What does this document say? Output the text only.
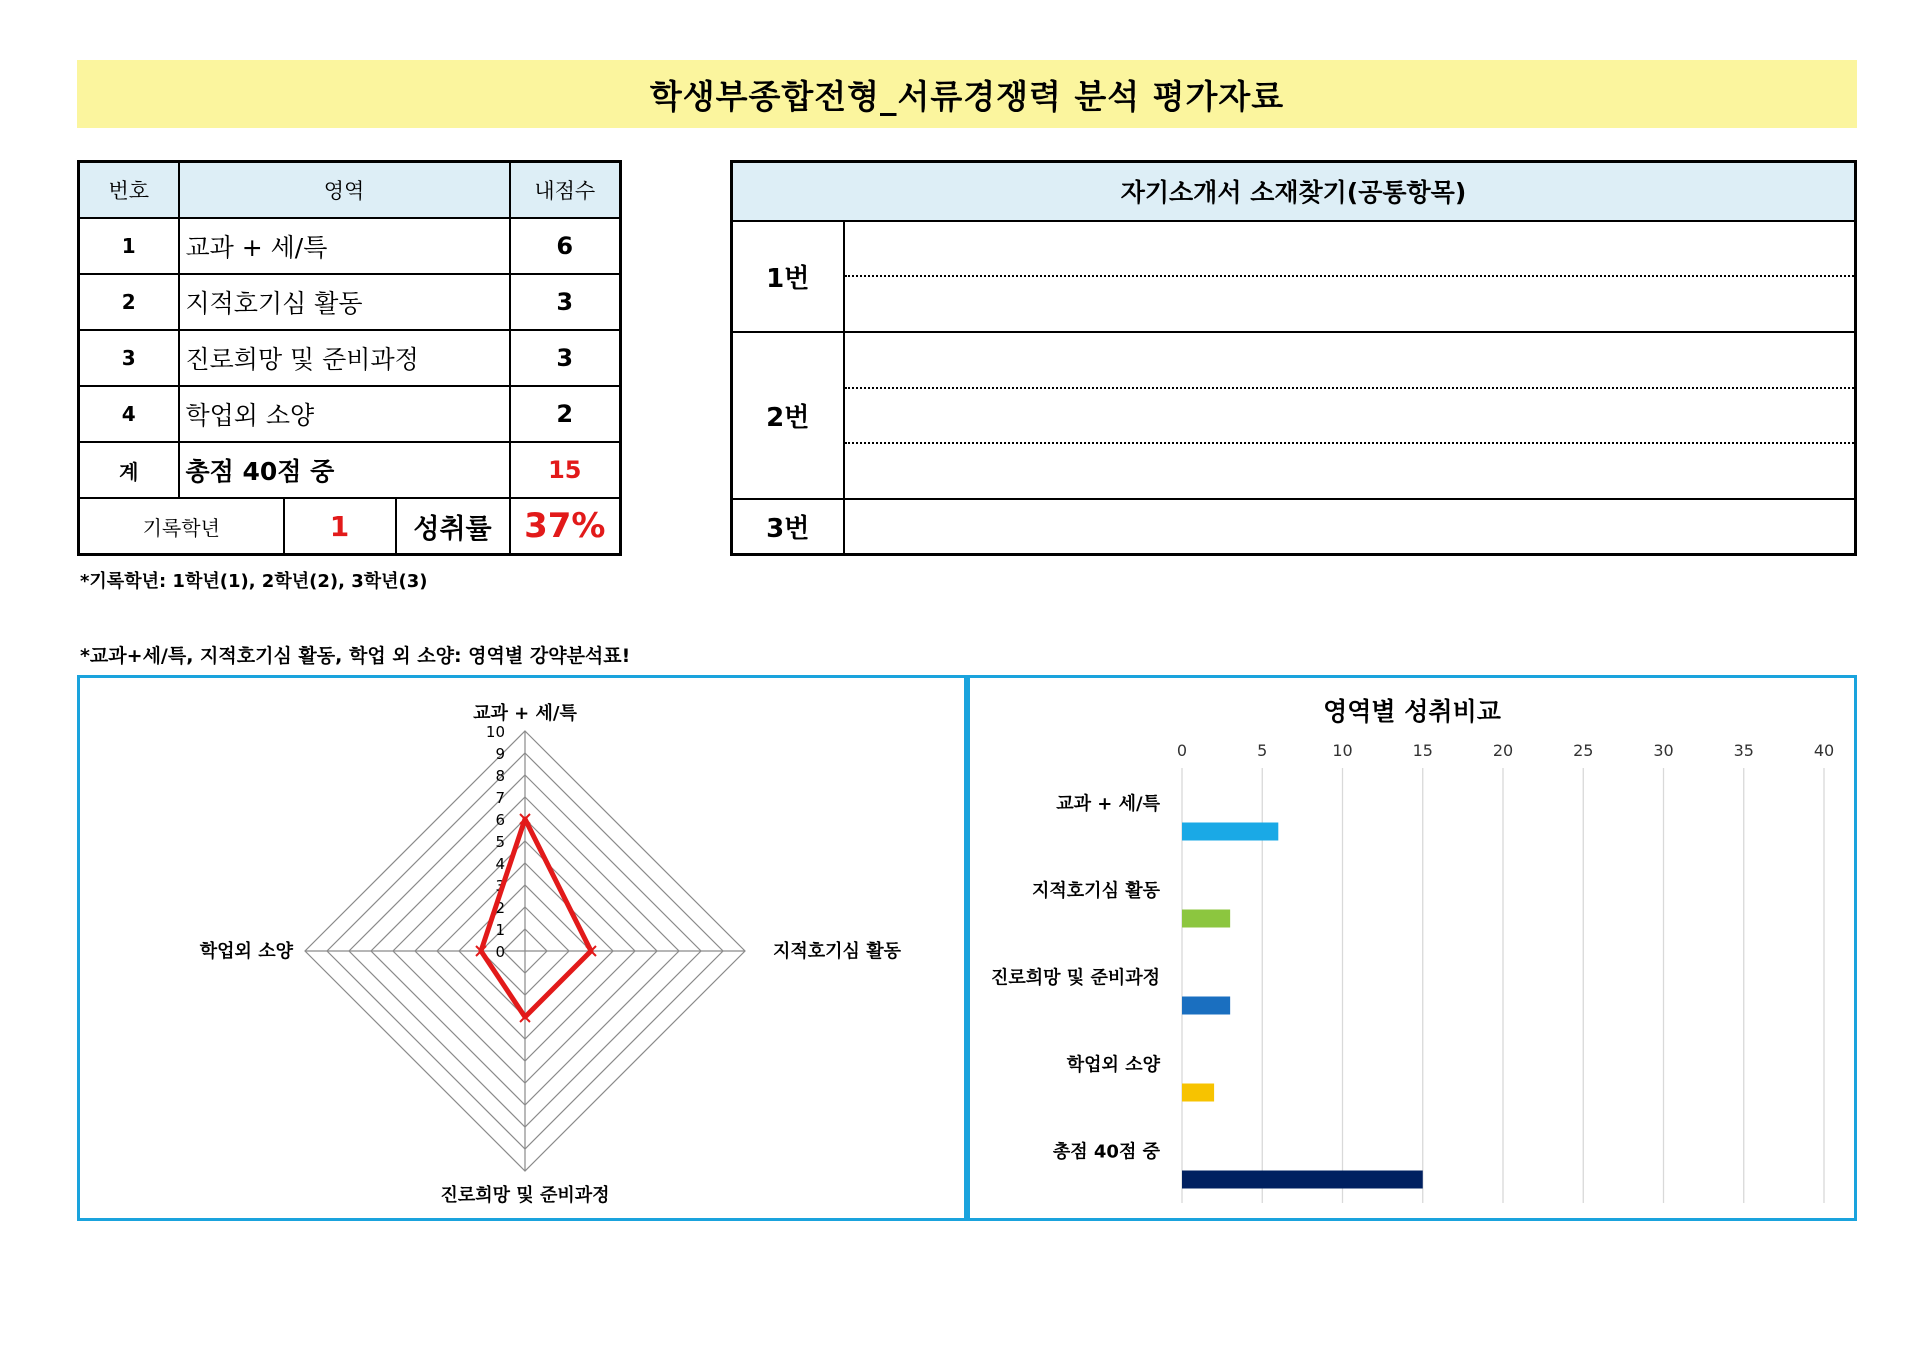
학생부종합전형_서류경쟁력 분석 평가자료
번호	영역			내점수
1	교과 + 세/특			6
2	지적호기심 활동			3
3	진로희망 및 준비과정			3
4	학업외 소양			2
계	총점 40점 중			15
기록학년		1	성취률	37%
자기소개서 소재찾기(공통항목)	
1번	

2번	

3번	
*기록학년: 1학년(1), 2학년(2), 3학년(3)
*교과+세/특, 지적호기심 활동, 학업 외 소양: 영역별 강약분석표!
0
1
2
3
4
5
6
7
8
9
10
교과 + 세/특
지적호기심 활동
진로희망 및 준비과정
학업외 소양
영역별 성취비교
0	5	10	15	20	25	30	35	40
교과 + 세/특
지적호기심 활동
진로희망 및 준비과정
학업외 소양
총점 40점 중
